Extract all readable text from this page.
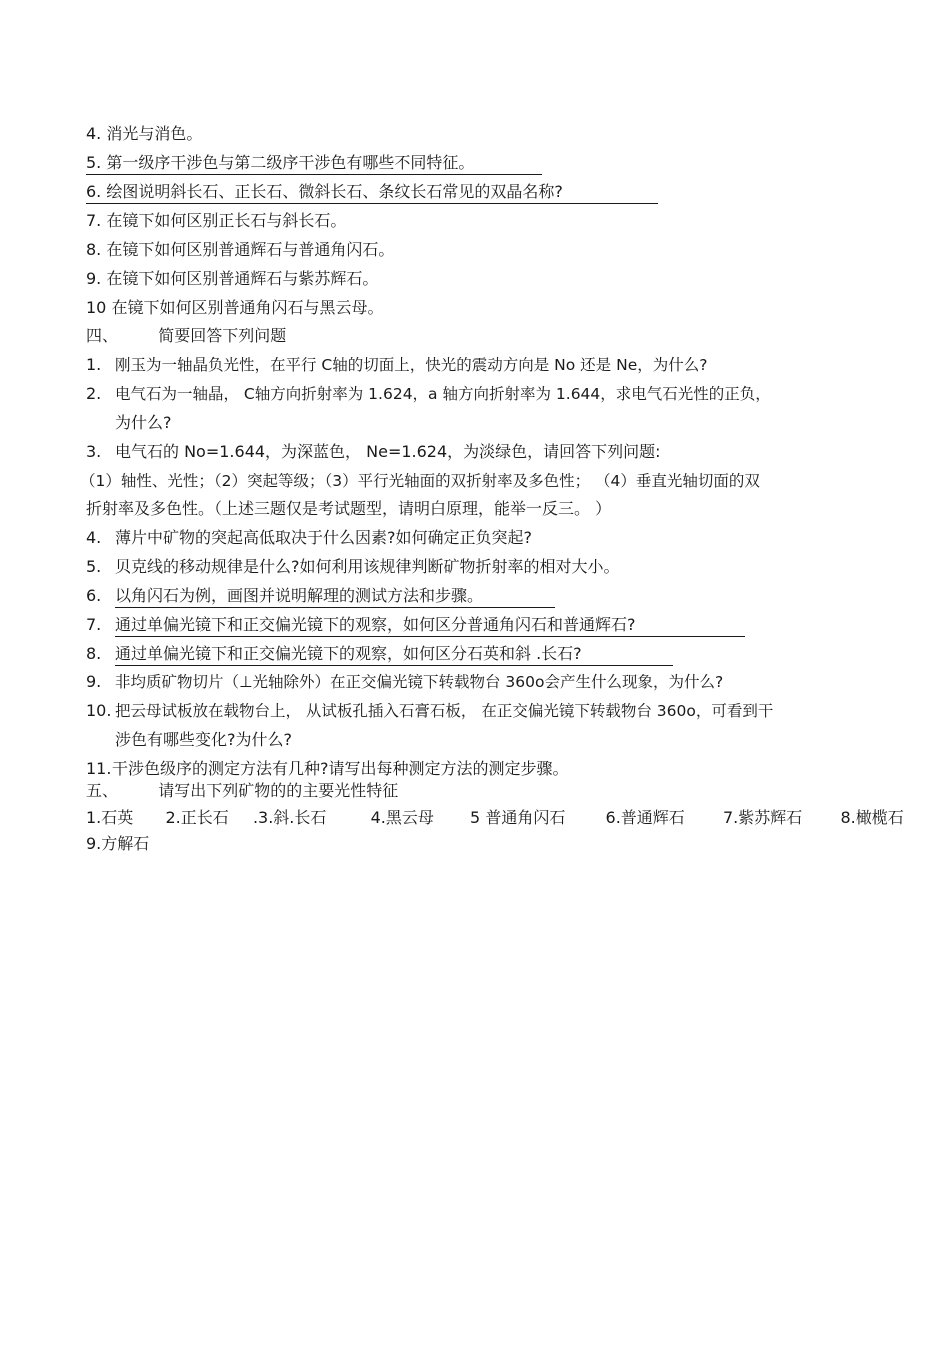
4. 消光与消色。
5. 第一级序干涉色与第二级序干涉色有哪些不同特征。
6. 绘图说明斜长石、正长石、微斜长石、条纹长石常见的双晶名称?
7. 在镜下如何区别正长石与斜长石。
8. 在镜下如何区别普通辉石与普通角闪石。
9. 在镜下如何区别普通辉石与紫苏辉石。
10 在镜下如何区别普通角闪石与黑云母。
四、	简要回答下列问题
1. 刚玉为一轴晶负光性，在平行 C轴的切面上，快光的震动方向是 No 还是 Ne，为什么?
2. 电气石为一轴晶， C轴方向折射率为 1.624，a 轴方向折射率为 1.644，求电气石光性的正负，
为什么?
3. 电气石的 No=1.644，为深蓝色， Ne=1.624，为淡绿色，请回答下列问题:
（1）轴性、光性；（2）突起等级；（3）平行光轴面的双折射率及多色性； （4）垂直光轴切面的双
折射率及多色性。（上述三题仅是考试题型，请明白原理，能举一反三。 ）
4. 薄片中矿物的突起高低取决于什么因素?如何确定正负突起?
5. 贝克线的移动规律是什么?如何利用该规律判断矿物折射率的相对大小。
6. 以角闪石为例，画图并说明解理的测试方法和步骤。
7. 通过单偏光镜下和正交偏光镜下的观察，如何区分普通角闪石和普通辉石?
8. 通过单偏光镜下和正交偏光镜下的观察，如何区分石英和斜 .长石?
9. 非均质矿物切片（⊥光轴除外）在正交偏光镜下转载物台 360o会产生什么现象，为什么?
10. 把云母试板放在载物台上， 从试板孔插入石膏石板， 在正交偏光镜下转载物台 360o，可看到干
涉色有哪些变化?为什么?
11. 干涉色级序的测定方法有几种?请写出每种测定方法的测定步骤。
五、	请写出下列矿物的的主要光性特征
1.石英 2.正长石 .3.斜.长石	4.黑云母 5 普通角闪石	6.普通辉石 7.紫苏辉石 8.橄榄石
9.方解石
